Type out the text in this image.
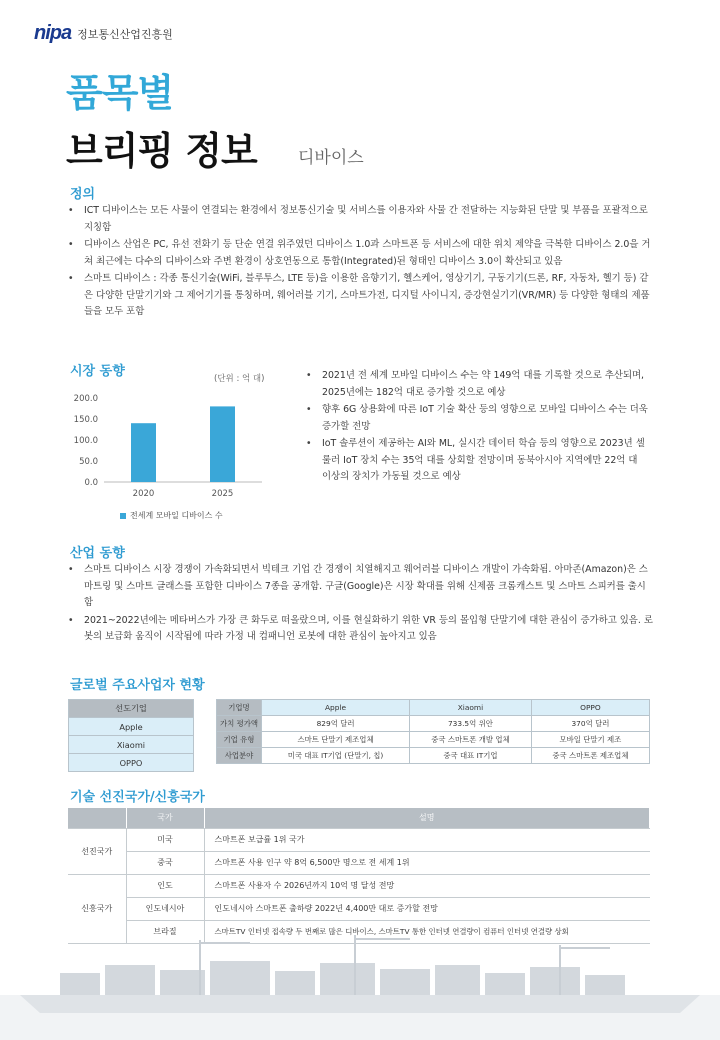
nipa 정보통신산업진흥원
품목별
브리핑 정보 디바이스
정의
• ICT 디바이스는 모든 사물이 연결되는 환경에서 정보통신기술 및 서비스를 이용자와 사물 간 전달하는 지능화된 단말 및 부품을 포괄적으로 지칭함
• 디바이스 산업은 PC, 유선 전화기 등 단순 연결 위주였던 디바이스 1.0과 스마트폰 등 서비스에 대한 위치 제약을 극복한 디바이스 2.0을 거쳐 최근에는 다수의 디바이스와 주변 환경이 상호연동으로 통합(Integrated)된 형태인 디바이스 3.0이 확산되고 있음
• 스마트 디바이스 : 각종 통신기술(WiFi, 블루투스, LTE 등)을 이용한 음향기기, 헬스케어, 영상기기, 구동기기(드론, RF, 자동차, 헬기 등) 같은 다양한 단말기기와 그 제어기기를 통칭하며, 웨어러블 기기, 스마트가전, 디지털 사이니지, 증강현실기기(VR/MR) 등 다양한 형태의 제품들을 모두 포함
시장 동향	(단위 : 억 대)
0.0
50.0
100.0
150.0
200.0
2020	2025
전세계 모바일 디바이스 수
• 2021년 전 세계 모바일 디바이스 수는 약 149억 대를 기록할 것으로 추산되며, 2025년에는 182억 대로 증가할 것으로 예상
• 향후 6G 상용화에 따른 IoT 기술 확산 등의 영향으로 모바일 디바이스 수는 더욱 증가할 전망
• IoT 솔루션이 제공하는 AI와 ML, 실시간 데이터 학습 등의 영향으로 2023년 셀룰러 IoT 장치 수는 35억 대를 상회할 전망이며 동북아시아 지역에만 22억 대 이상의 장치가 가동될 것으로 예상
산업 동향
• 스마트 디바이스 시장 경쟁이 가속화되면서 빅테크 기업 간 경쟁이 치열해지고 웨어러블 디바이스 개발이 가속화됨. 아마존(Amazon)은 스마트링 및 스마트 글래스를 포함한 디바이스 7종을 공개함. 구글(Google)은 시장 확대를 위해 신제품 크롬캐스트 및 스마트 스피커를 출시함
• 2021~2022년에는 메타버스가 가장 큰 화두로 떠올랐으며, 이를 현실화하기 위한 VR 등의 몰입형 단말기에 대한 관심이 증가하고 있음. 로봇의 보급화 움직이 시작됨에 따라 가정 내 컴패니언 로봇에 대한 관심이 높아지고 있음
글로벌 주요사업자 현황
선도기업
Apple
Xiaomi
OPPO
기업명	Apple	Xiaomi	OPPO
가치 평가액	829억 달러	733.5억 위안	370억 달러
기업 유형	스마트 단말기 제조업체	중국 스마트폰 개발 업체	모바일 단말기 제조
사업분야	미국 대표 IT기업 (단말기, 칩)	중국 대표 IT기업	중국 스마트폰 제조업체
기술 선진국가/신흥국가
	국가	설명
선진국가	미국	스마트폰 보급률 1위 국가
	중국	스마트폰 사용 인구 약 8억 6,500만 명으로 전 세계 1위
신흥국가	인도	스마트폰 사용자 수 2026년까지 10억 명 달성 전망
	인도네시아	인도네시아 스마트폰 출하량 2022년 4,400만 대로 증가할 전망
	브라질	스마트TV 인터넷 접속량 두 번째로 많은 디바이스, 스마트TV 통한 인터넷 연결량이 컴퓨터 인터넷 연결량 상회
